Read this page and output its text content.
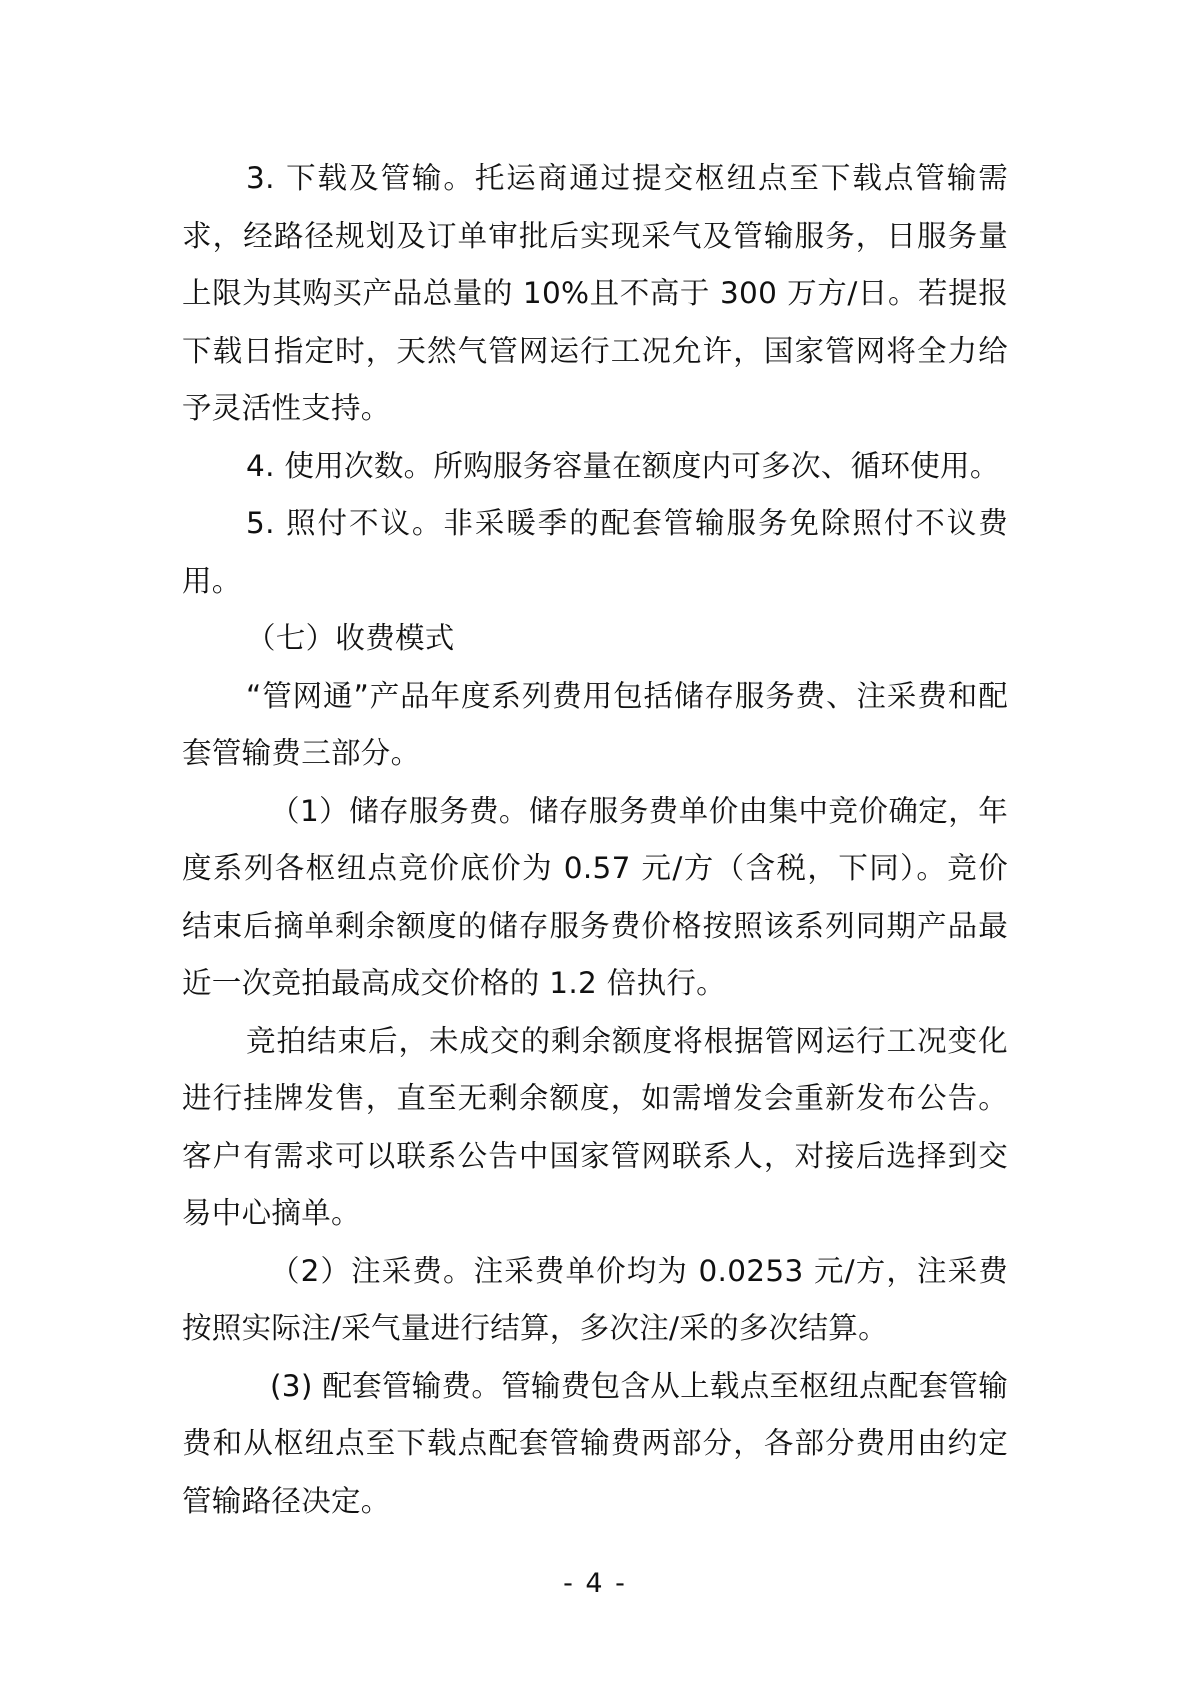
3. 下载及管输。托运商通过提交枢纽点至下载点管输需求，经路径规划及订单审批后实现采气及管输服务，日服务量上限为其购买产品总量的 10%且不高于 300 万方/日。若提报下载日指定时，天然气管网运行工况允许，国家管网将全力给予灵活性支持。

4. 使用次数。所购服务容量在额度内可多次、循环使用。

5. 照付不议。非采暖季的配套管输服务免除照付不议费用。

（七）收费模式

“管网通”产品年度系列费用包括储存服务费、注采费和配套管输费三部分。

（1）储存服务费。储存服务费单价由集中竞价确定，年度系列各枢纽点竞价底价为 0.57 元/方（含税，下同）。竞价结束后摘单剩余额度的储存服务费价格按照该系列同期产品最近一次竞拍最高成交价格的 1.2 倍执行。

竞拍结束后，未成交的剩余额度将根据管网运行工况变化进行挂牌发售，直至无剩余额度，如需增发会重新发布公告。客户有需求可以联系公告中国家管网联系人，对接后选择到交易中心摘单。

（2）注采费。注采费单价均为 0.0253 元/方，注采费按照实际注/采气量进行结算，多次注/采的多次结算。

(3) 配套管输费。管输费包含从上载点至枢纽点配套管输费和从枢纽点至下载点配套管输费两部分，各部分费用由约定管输路径决定。

- 4 -
